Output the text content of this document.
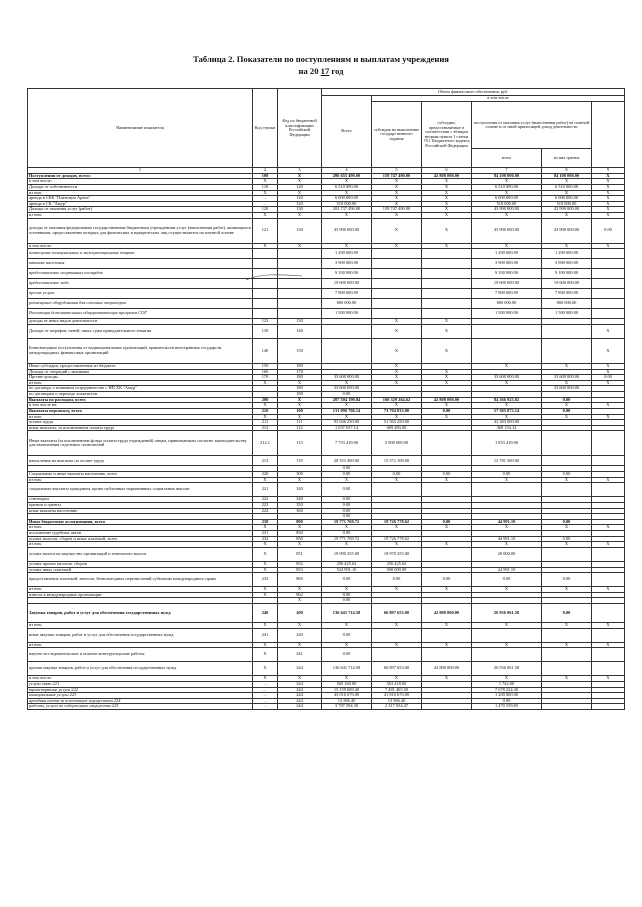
Таблица 2. Показатели по поступлениям и выплатам учреждения
на 20 17 год
Наименование показателя	Код строки	Код по бюджетной классификации Российской Федерации	Объем финансового обеспечения, руб.						
			Всего	в том числе					
				субсидия на выполнение государственного задания	субсидии, предоставляемые в соответствии с абзацем вторым пункта 1 статьи 78.1 Бюджетного кодекса Российской Федерации	поступления от оказания услуг (выполнения работ) на платной основе и от иной приносящей доход деятельности			
						всего	из них гранты		
1	2	3	4	5	6	7	8	9	
Поступления от доходов, всего:	100	X	286 655 490.00	159 747 490.00	42 808 000.00	84 100 000.00	84 100 000.00	X	
в том числе:	X	X	X	X	X	X	X	X	
Доходы от собственности	110	120	6 510 000.00	X	X	6 510 000.00	6 510 000.00	X	
из них:	X	X	X	X	X	X	X	X	
аренда в СБК "Платинум Арена"	...	120	6 000 000.00	X	X	6 000 000.00	6 000 000.00	X	
аренда в СК "Амур"	...	120	510 000.00	X	X	510 000.00	510 000.00	X	
Доходы от оказания услуг (работ)	120	130	203 737 490.00	159 747 490.00	X	43 990 000.00	43 990 000.00	X	
из них:	X	X	X	X	X	X	X	X	
доходы от оказания федеральным государственным бюджетным учреждениям услуг (выполнения работ), являющихся основными, предоставление которых для физических и юридических лиц осуществляется на платной основе	121	130	43 990 000.00	X	X	43 990 000.00	43 990 000.00	0.00	
в том числе:	X	X	X	X	X	X	X	X	
возмещение коммунальных и эксплуатационных затрат			1 290 000.00			1 290 000.00	1 290 000.00		
катание населения			3 900 000.00			3 900 000.00	3 900 000.00		
предоставление спортивных площадок			9 100 000.00			9 100 000.00	9 100 000.00		
предоставление льда			19 600 000.00			19 600 000.00	19 600 000.00		
прочие услуги			7 800 000.00			7 800 000.00	7 800 000.00		
размещение оборудования для сотовых операторов			800 000.00			800 000.00	800 000.00		
Реализация дополнительных общеразвивающих программ СОГ			1 500 000.00			1 500 000.00	1 500 000.00		
доходы от иных видов деятельности	123	130		X	X				
Доходы от штрафов, пеней, иных сумм принудительного изъятия	130	140		X	X			X	
Безвозмездные поступления от наднациональных организаций, правительств иностранных государств, международных финансовых организаций	140	150		X	X			X	
Иные субсидии, предоставленные из бюджета	150	180		X		X	X	X	
Доходы от операций с активами	160	170		X	X			X	
Прочие доходы	170	180	33 600 000.00	X	X	33 600 000.00	33 600 000.00	0.00	
из них:	X	X	X	X	X	X	X	X	
по договору о взаимном сотрудничестве с НП ХК "Амур"		180	33 600 000.00				33 600 000.00		
по договорам о переходе хоккеистов		180	0.00						
Выплаты по расходам, всего	200	X	287 504 190.84	160 329 264.62	42 808 000.00	84 366 925.82	0.00		
в том числе на:	X	X	X	X	X	X	X	X	
Выплаты персоналу, всего	210	100	131 090 706.14	73 704 833.00	0.00	57 385 873.14	0.00		
из них:	X	X	X	X	X	X	X	X	
оплата труда	211	111	93 946 250.00	51 563 250.00		42 383 000.00			
иные выплаты, за исключением оплаты труда	212	112	1 037 637.14	669 483.00		368 154.14			
Иные выплаты (за исключением фонда оплаты труда учреждений) лицам, привлекаемым согласно законодательству для выполнения отдельных полномочий	212.1	113	7 753 419.00	5 900 000.00		1 853 419.00			
начисления на выплаты по оплате труда	213	119	28 353 400.00	15 572 100.00		12 781 300.00			
			0.00						
Социальные и иные выплаты населению, всего	220	300	0.00	0.00	0.00	0.00	0.00		
из них:	X	X	X	X	X	X	X	X	
социальные выплаты гражданам, кроме публичных нормативных социальных выплат	221	320	0.00						
стипендии	222	340	0.00						
премии и гранты	223	350	0.00						
иные выплаты населению	224	360	0.00						
			0.00						
Иные бюджетные ассигнования, всего	230	800	19 771 769.72	19 726 778.62	0.00	44 991.10	0.00		
из них:	X	X	X	X	X	X	X	X	
исполнение судебных актов	231	830	0.00						
уплата налогов, сборов и иных платежей, всего	232	850	19 771 769.72	19 726 778.62		44 991.10	0.00		
из них:	X	X	X	X	X	X	X	X	
уплата налога на имущество организаций и земельного налога	X	851	18 990 355.00	18 970 355.00		20 000.00			
уплата прочих налогов, сборов	X	852	256 425.62	256 425.62					
уплата иных платежей	X	853	524 991.10	500 000.00		24 991.10			
предоставление платежей, взносов, безвозмездных перечислений субъектам международного права	233	860	0.00	0.00	0.00	0.00	0.00		
из них:	X	X	X	X	X	X	X	X	
взносы в международные организации	X	862	0.00						
		X	0.00						
Закупка товаров, работ и услуг для обеспечения государственных нужд	240	200	136 641 714.58	66 897 653.00	42 808 000.00	26 936 061.58	0.00		
из них:	X	X	X	X	X	X	X	X	
иные закупки товаров, работ и услуг для обеспечения государственных нужд	241	240	0.00						
из них:	X	X	X	X	X	X	X	X	
научно-исследовательские и опытно-конструкторские работы	X	241	0.00						
прочая закупка товаров, работ и услуг для обеспечения государственных нужд	X	244	136 641 714.58	66 897 653.00	42 808 000.00	26 936 061.58			
в том числе:	X	X	X	X	X	X	X	X	
услуги связи 221	...	244	565 160.00	563 418.00		1 742.00			
транспортные услуги 222	...	244	15 159 689.40	7 481 465.00		7 678 224.40			
коммунальные услуги 223	...	244	43 016 670.00	41 816 670.00		1 200 000.00			
арендная плата за пользование имуществом 224	...	244	13 586.40	13 586.40		0.00			
работы, услуги по содержанию имущества 225	...	244	3 787 594.30	2 317 034.47		1 470 559.83			
